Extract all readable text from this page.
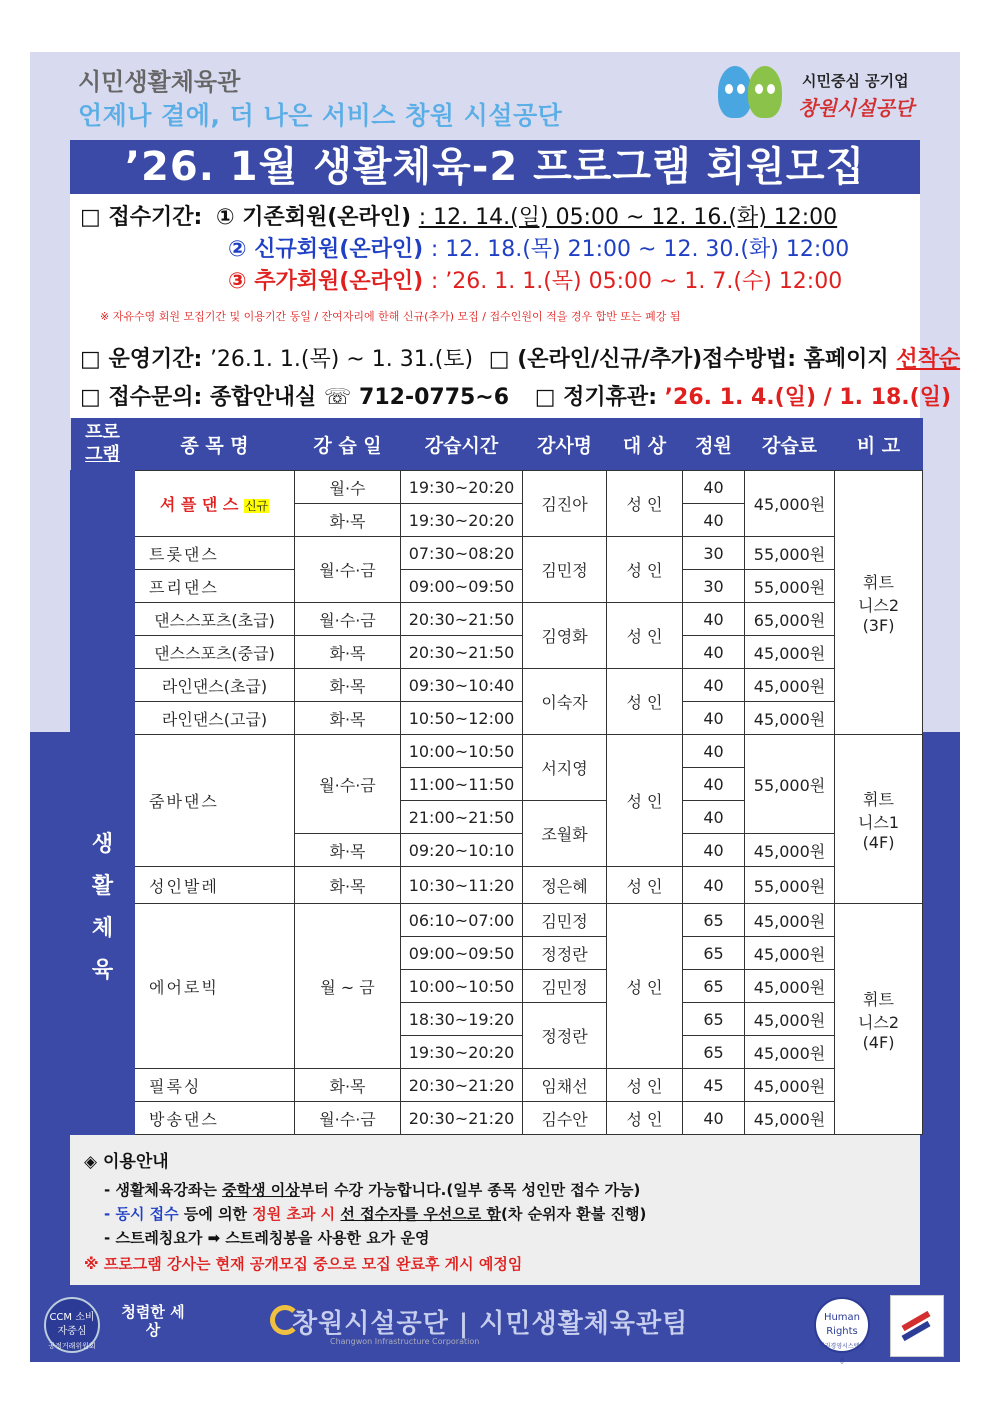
시민생활체육관
언제나 곁에, 더 나은 서비스 창원 시설공단
시민중심 공기업
창원시설공단
’26. 1월 생활체육-2 프로그램 회원모집
□ 접수기간: ① 기존회원(온라인) : 12. 14.(일) 05:00 ~ 12. 16.(화) 12:00
② 신규회원(온라인) : 12. 18.(목) 21:00 ~ 12. 30.(화) 12:00
③ 추가회원(온라인) : ’26. 1. 1.(목) 05:00 ~ 1. 7.(수) 12:00
※ 자유수영 회원 모집기간 및 이용기간 동일 / 잔여자리에 한해 신규(추가) 모집 / 접수인원이 적을 경우 합반 또는 폐강 됨
□ 운영기간: ’26.1. 1.(목) ~ 1. 31.(토) □ (온라인/신규/추가)접수방법: 홈페이지 선착순
□ 접수문의: 종합안내실 ☏ 712-0775~6 □ 정기휴관: ’26. 1. 4.(일) / 1. 18.(일)
프로
그램	종 목 명	강 습 일	강습시간	강사명	대 상	정원	강습료	비 고

생
활
체
육	셔 플 댄 스 신규	월·수	19:30~20:20	김진아	성 인	40	45,000원	휘트
니스2
(3F)
		화·목	19:30~20:20			40		
	트롯댄스	월·수·금	07:30~08:20	김민정	성 인	30	55,000원	
	프리댄스		09:00~09:50			30	55,000원	
	댄스스포츠(초급)	월·수·금	20:30~21:50	김영화	성 인	40	65,000원	
	댄스스포츠(중급)	화·목	20:30~21:50			40	45,000원	
	라인댄스(초급)	화·목	09:30~10:40	이숙자	성 인	40	45,000원	
	라인댄스(고급)	화·목	10:50~12:00			40	45,000원	
	줌바댄스	월·수·금	10:00~10:50	서지영	성 인	40	55,000원	휘트
니스1
(4F)
			11:00~11:50			40		
			21:00~21:50	조월화		40		
		화·목	09:20~10:10			40	45,000원	
	성인발레	화·목	10:30~11:20	정은혜	성 인	40	55,000원	
	에어로빅	월 ~ 금	06:10~07:00	김민정	성 인	65	45,000원	휘트
니스2
(4F)
			09:00~09:50	정정란		65	45,000원	
			10:00~10:50	김민정		65	45,000원	
			18:30~19:20	정정란		65	45,000원	
			19:30~20:20			65	45,000원	
	필록싱	화·목	20:30~21:20	임채선	성 인	45	45,000원	
	방송댄스	월·수·금	20:30~21:20	김수안	성 인	40	45,000원	
◈ 이용안내
- 생활체육강좌는 중학생 이상부터 수강 가능합니다.(일부 종목 성인만 접수 가능)
- 동시 접수 등에 의한 정원 초과 시 선 접수자를 우선으로 함(차 순위자 환불 진행)
- 스트레칭요가 ➡ 스트레칭봉을 사용한 요가 운영
※ 프로그램 강사는 현재 공개모집 중으로 모집 완료후 게시 예정임
CCM 소비자중심
공정거래위원회
청렴한 세상	창원시설공단 | 시민생활체육관팀
Changwon Infrastructure Corporation
Human Rights
인권경영시스템인증
